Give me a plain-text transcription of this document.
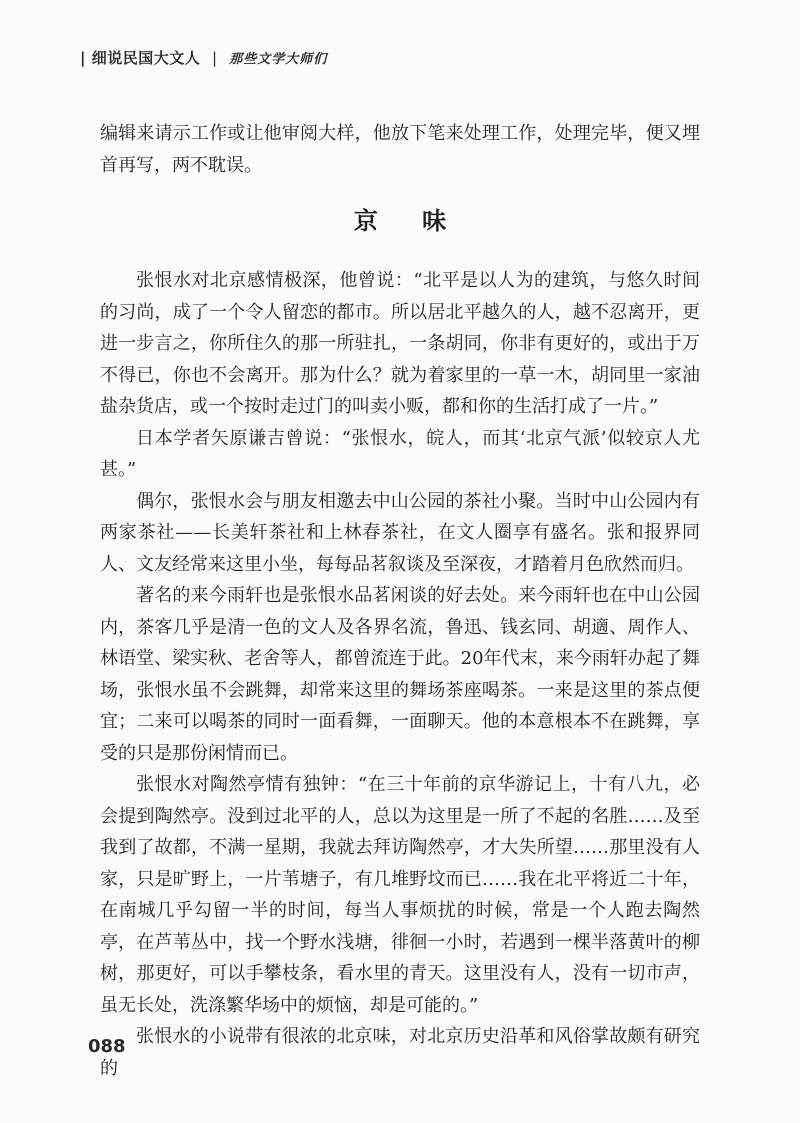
| 细说民国大文人 | 那些文学大师们

编辑来请示工作或让他审阅大样，他放下笔来处理工作，处理完毕，便又埋首再写，两不耽误。

京 味

张恨水对北京感情极深，他曾说：“北平是以人为的建筑，与悠久时间的习尚，成了一个令人留恋的都市。所以居北平越久的人，越不忍离开，更进一步言之，你所住久的那一所驻扎，一条胡同，你非有更好的，或出于万不得已，你也不会离开。那为什么？就为着家里的一草一木，胡同里一家油盐杂货店，或一个按时走过门的叫卖小贩，都和你的生活打成了一片。”

日本学者矢原谦吉曾说：“张恨水，皖人，而其‘北京气派’似较京人尤甚。”

偶尔，张恨水会与朋友相邀去中山公园的茶社小聚。当时中山公园内有两家茶社——长美轩茶社和上林春茶社，在文人圈享有盛名。张和报界同人、文友经常来这里小坐，每每品茗叙谈及至深夜，才踏着月色欣然而归。

著名的来今雨轩也是张恨水品茗闲谈的好去处。来今雨轩也在中山公园内，茶客几乎是清一色的文人及各界名流，鲁迅、钱玄同、胡適、周作人、林语堂、梁实秋、老舍等人，都曾流连于此。20年代末，来今雨轩办起了舞场，张恨水虽不会跳舞，却常来这里的舞场茶座喝茶。一来是这里的茶点便宜；二来可以喝茶的同时一面看舞，一面聊天。他的本意根本不在跳舞，享受的只是那份闲情而已。

张恨水对陶然亭情有独钟：“在三十年前的京华游记上，十有八九，必会提到陶然亭。没到过北平的人，总以为这里是一所了不起的名胜……及至我到了故都，不满一星期，我就去拜访陶然亭，才大失所望……那里没有人家，只是旷野上，一片苇塘子，有几堆野坟而已……我在北平将近二十年，在南城几乎勾留一半的时间，每当人事烦扰的时候，常是一个人跑去陶然亭，在芦苇丛中，找一个野水浅塘，徘徊一小时，若遇到一棵半落黄叶的柳树，那更好，可以手攀枝条，看水里的青天。这里没有人，没有一切市声，虽无长处，洗涤繁华场中的烦恼，却是可能的。”

张恨水的小说带有很浓的北京味，对北京历史沿革和风俗掌故颇有研究的

088
